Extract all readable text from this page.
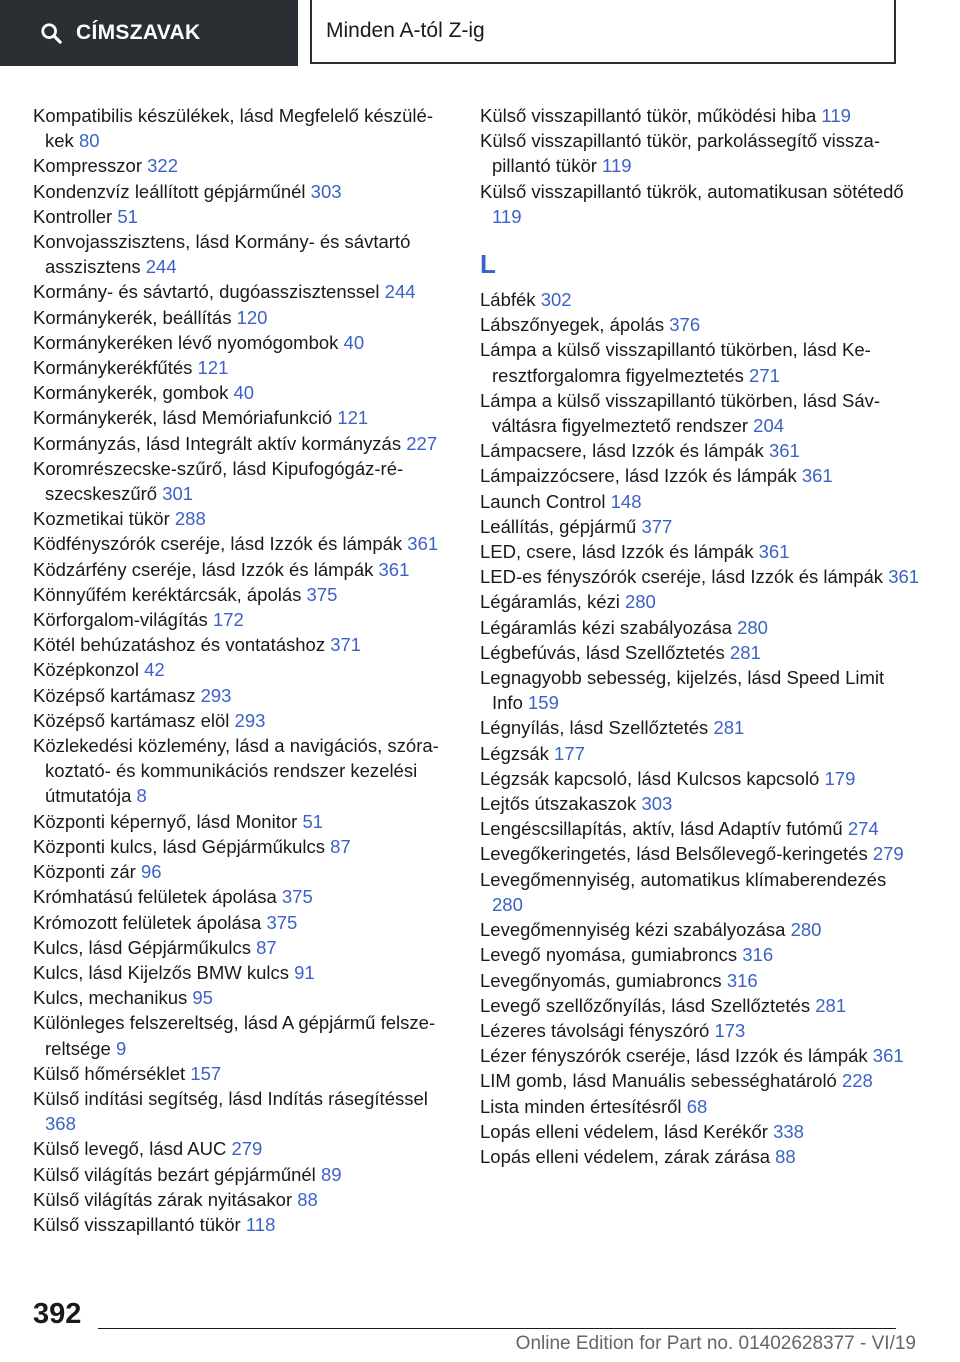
CÍMSZAVAK	Minden A-tól Z-ig
Kompatibilis készülékek, lásd Megfelelő készülékek 80
Kompresszor 322
Kondenzvíz leállított gépjárműnél 303
Kontroller 51
Konvojasszisztens, lásd Kormány- és sávtartó asszisztens 244
Kormány- és sávtartó, dugóasszisztenssel 244
Kormánykerék, beállítás 120
Kormánykeréken lévő nyomógombok 40
Kormánykerékfűtés 121
Kormánykerék, gombok 40
Kormánykerék, lásd Memóriafunkció 121
Kormányzás, lásd Integrált aktív kormányzás 227
Koromrészecske-szűrő, lásd Kipufogógáz-részecskeszűrő 301
Kozmetikai tükör 288
Ködfényszórók cseréje, lásd Izzók és lámpák 361
Ködzárfény cseréje, lásd Izzók és lámpák 361
Könnyűfém keréktárcsák, ápolás 375
Körforgalom-világítás 172
Kötél behúzatáshoz és vontatáshoz 371
Középkonzol 42
Középső kartámasz 293
Középső kartámasz elöl 293
Közlekedési közlemény, lásd a navigációs, szórakoztató- és kommunikációs rendszer kezelési útmutatója 8
Központi képernyő, lásd Monitor 51
Központi kulcs, lásd Gépjárműkulcs 87
Központi zár 96
Krómhatású felületek ápolása 375
Krómozott felületek ápolása 375
Kulcs, lásd Gépjárműkulcs 87
Kulcs, lásd Kijelzős BMW kulcs 91
Kulcs, mechanikus 95
Különleges felszereltség, lásd A gépjármű felszereltsége 9
Külső hőmérséklet 157
Külső indítási segítség, lásd Indítás rásegítéssel 368
Külső levegő, lásd AUC 279
Külső világítás bezárt gépjárműnél 89
Külső világítás zárak nyitásakor 88
Külső visszapillantó tükör 118
Külső visszapillantó tükör, működési hiba 119
Külső visszapillantó tükör, parkolássegítő visszapillantó tükör 119
Külső visszapillantó tükrök, automatikusan sötétedő 119
L
Lábfék 302
Lábszőnyegek, ápolás 376
Lámpa a külső visszapillantó tükörben, lásd Keresztforgalomra figyelmeztetés 271
Lámpa a külső visszapillantó tükörben, lásd Sávváltásra figyelmeztető rendszer 204
Lámpacsere, lásd Izzók és lámpák 361
Lámpaizzócsere, lásd Izzók és lámpák 361
Launch Control 148
Leállítás, gépjármű 377
LED, csere, lásd Izzók és lámpák 361
LED-es fényszórók cseréje, lásd Izzók és lámpák 361
Légáramlás, kézi 280
Légáramlás kézi szabályozása 280
Légbefúvás, lásd Szellőztetés 281
Legnagyobb sebesség, kijelzés, lásd Speed Limit Info 159
Légnyílás, lásd Szellőztetés 281
Légzsák 177
Légzsák kapcsoló, lásd Kulcsos kapcsoló 179
Lejtős útszakaszok 303
Lengéscsillapítás, aktív, lásd Adaptív futómű 274
Levegőkeringetés, lásd Belsőlevegő-keringetés 279
Levegőmennyiség, automatikus klímaberendezés 280
Levegőmennyiség kézi szabályozása 280
Levegő nyomása, gumiabroncs 316
Levegőnyomás, gumiabroncs 316
Levegő szellőzőnyílás, lásd Szellőztetés 281
Lézeres távolsági fényszóró 173
Lézer fényszórók cseréje, lásd Izzók és lámpák 361
LIM gomb, lásd Manuális sebességhatároló 228
Lista minden értesítésről 68
Lopás elleni védelem, lásd Kerékőr 338
Lopás elleni védelem, zárak zárása 88
392
Online Edition for Part no. 01402628377 - VI/19
